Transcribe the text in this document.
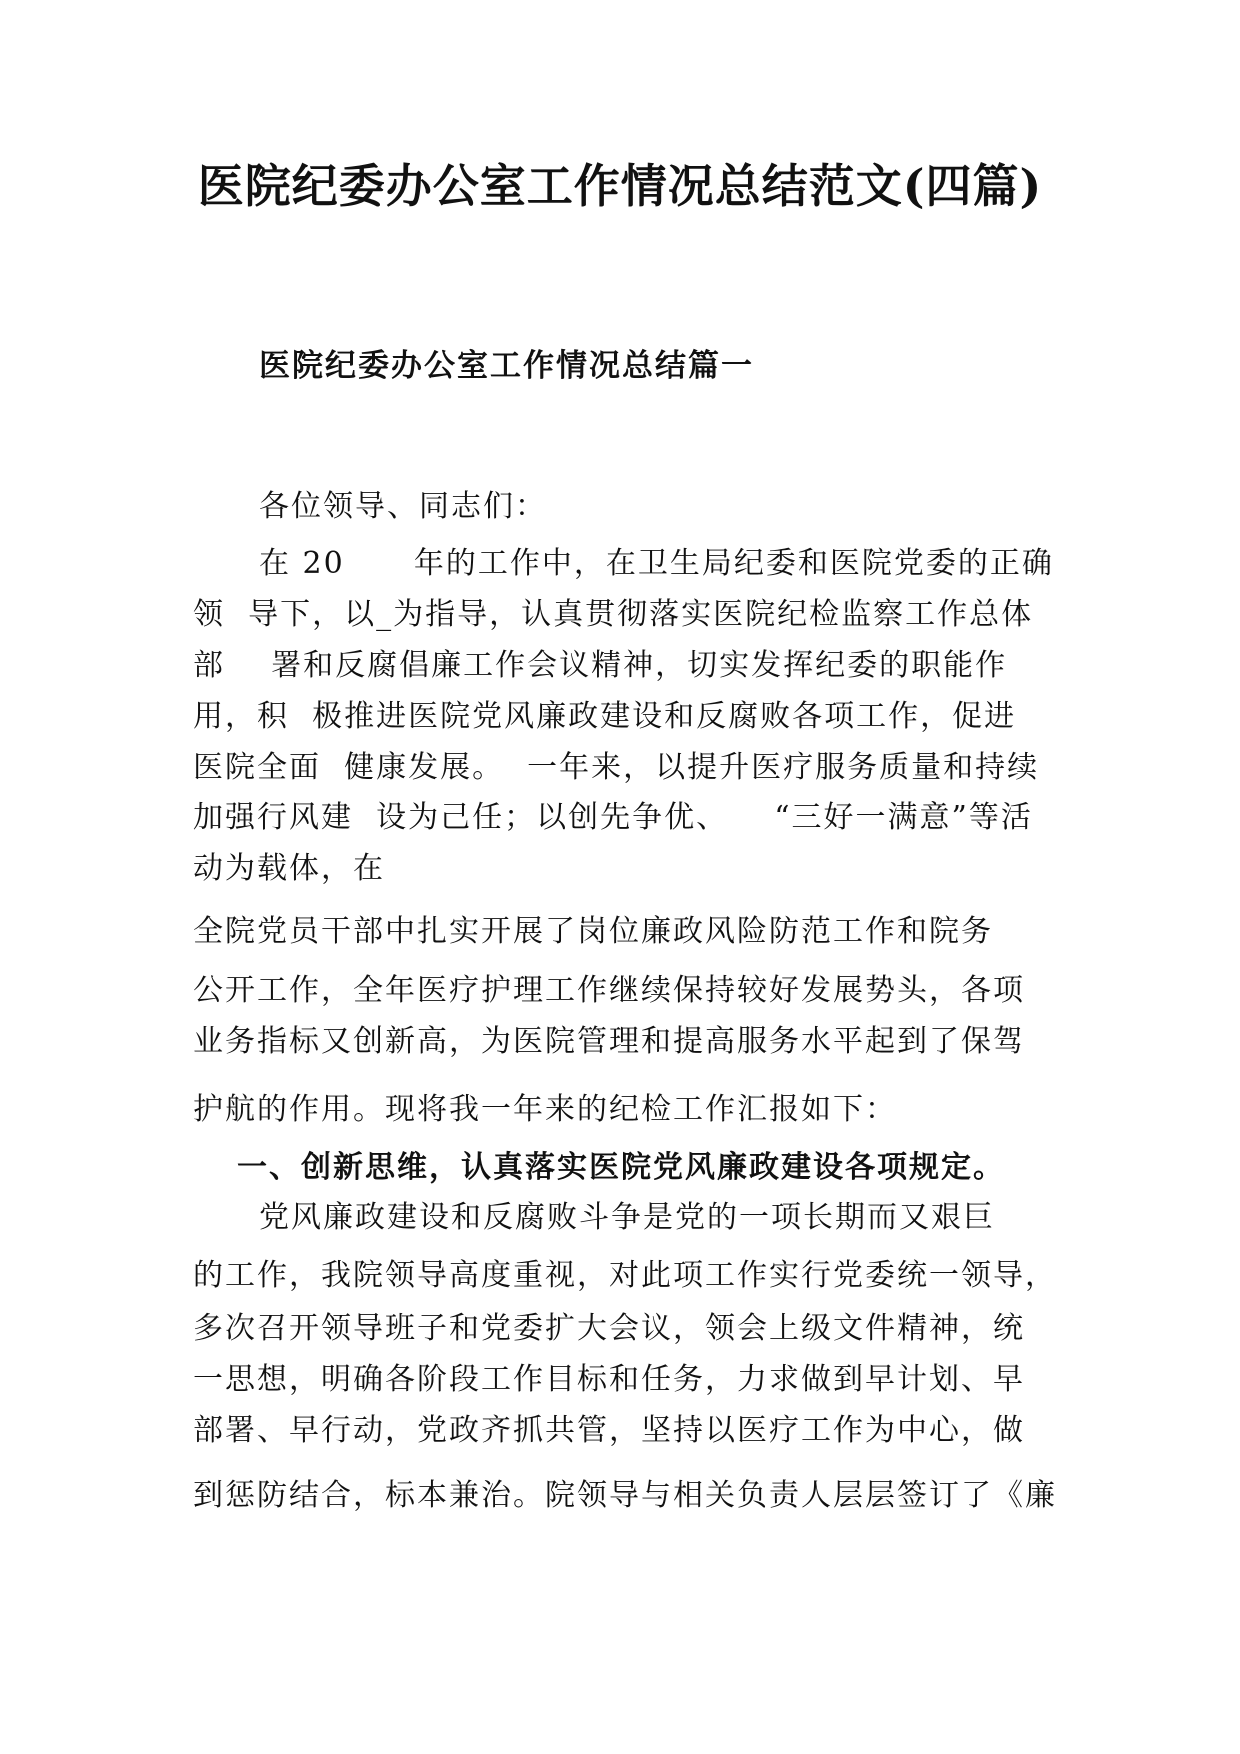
医院纪委办公室工作情况总结范文(四篇)
医院纪委办公室工作情况总结篇一
各位领导、同志们：
在 20      年的工作中，在卫生局纪委和医院党委的正确
领  导下，以_为指导，认真贯彻落实医院纪检监察工作总体
部    署和反腐倡廉工作会议精神，切实发挥纪委的职能作
用，积  极推进医院党风廉政建设和反腐败各项工作，促进
医院全面  健康发展。  一年来，以提升医疗服务质量和持续
加强行风建  设为己任；以创先争优、    “三好一满意”等活
动为载体，在
全院党员干部中扎实开展了岗位廉政风险防范工作和院务
公开工作，全年医疗护理工作继续保持较好发展势头，各项
业务指标又创新高，为医院管理和提高服务水平起到了保驾
护航的作用。现将我一年来的纪检工作汇报如下：
一、创新思维，认真落实医院党风廉政建设各项规定。
党风廉政建设和反腐败斗争是党的一项长期而又艰巨
的工作，我院领导高度重视，对此项工作实行党委统一领导，
多次召开领导班子和党委扩大会议，领会上级文件精神，统
一思想，明确各阶段工作目标和任务，力求做到早计划、早
部署、早行动，党政齐抓共管，坚持以医疗工作为中心，做
到惩防结合，标本兼治。院领导与相关负责人层层签订了《廉
